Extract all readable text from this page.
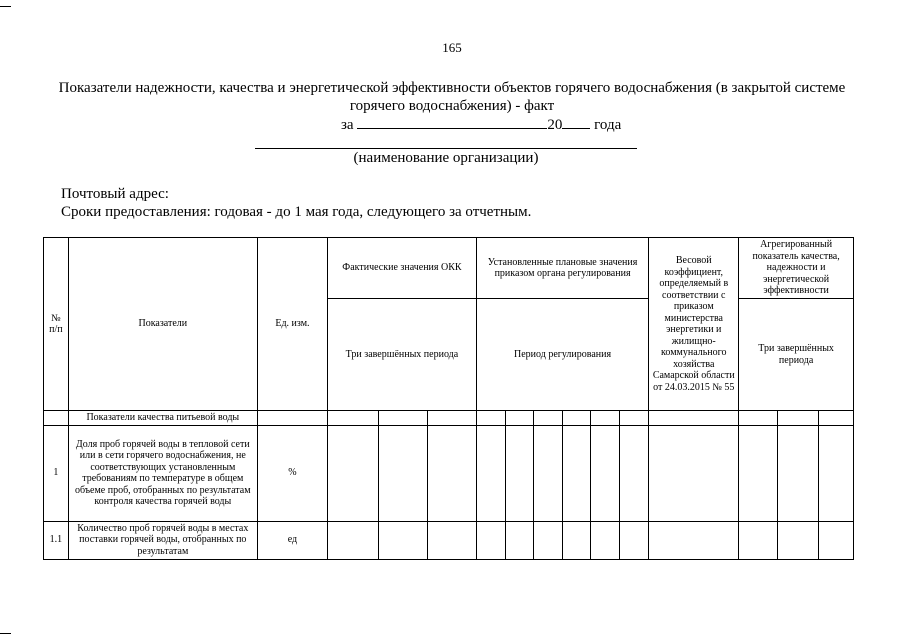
165
Показатели надежности, качества и энергетической эффективности объектов горячего водоснабжения (в закрытой системе горячего водоснабжения) - факт
за	20 года
(наименование организации)
Почтовый адрес:
Сроки предоставления: годовая - до 1 мая года, следующего за отчетным.
№ п/п	Показатели	Ед. изм.	Фактические значения ОКК			Установленные плановые значения приказом органа регулирования						Весовой коэффициент, определяемый в соответствии с приказом министерства энергетики и жилищно-коммунального хозяйства Самарской области от 24.03.2015 № 55	Агрегированный показатель качества, надежности и энергетической эффективности		
			Три завершённых периода			Период регулирования							Три завершённых периода		
	Показатели качества питьевой воды														
1	Доля проб горячей воды в тепловой сети или в сети горячего водоснабжения, не соответствующих установленным требованиям по температуре в общем объеме проб, отобранных по результатам контроля качества горячей воды	%													
1.1	Количество проб горячей воды в местах поставки горячей воды, отобранных по результатам	ед													
